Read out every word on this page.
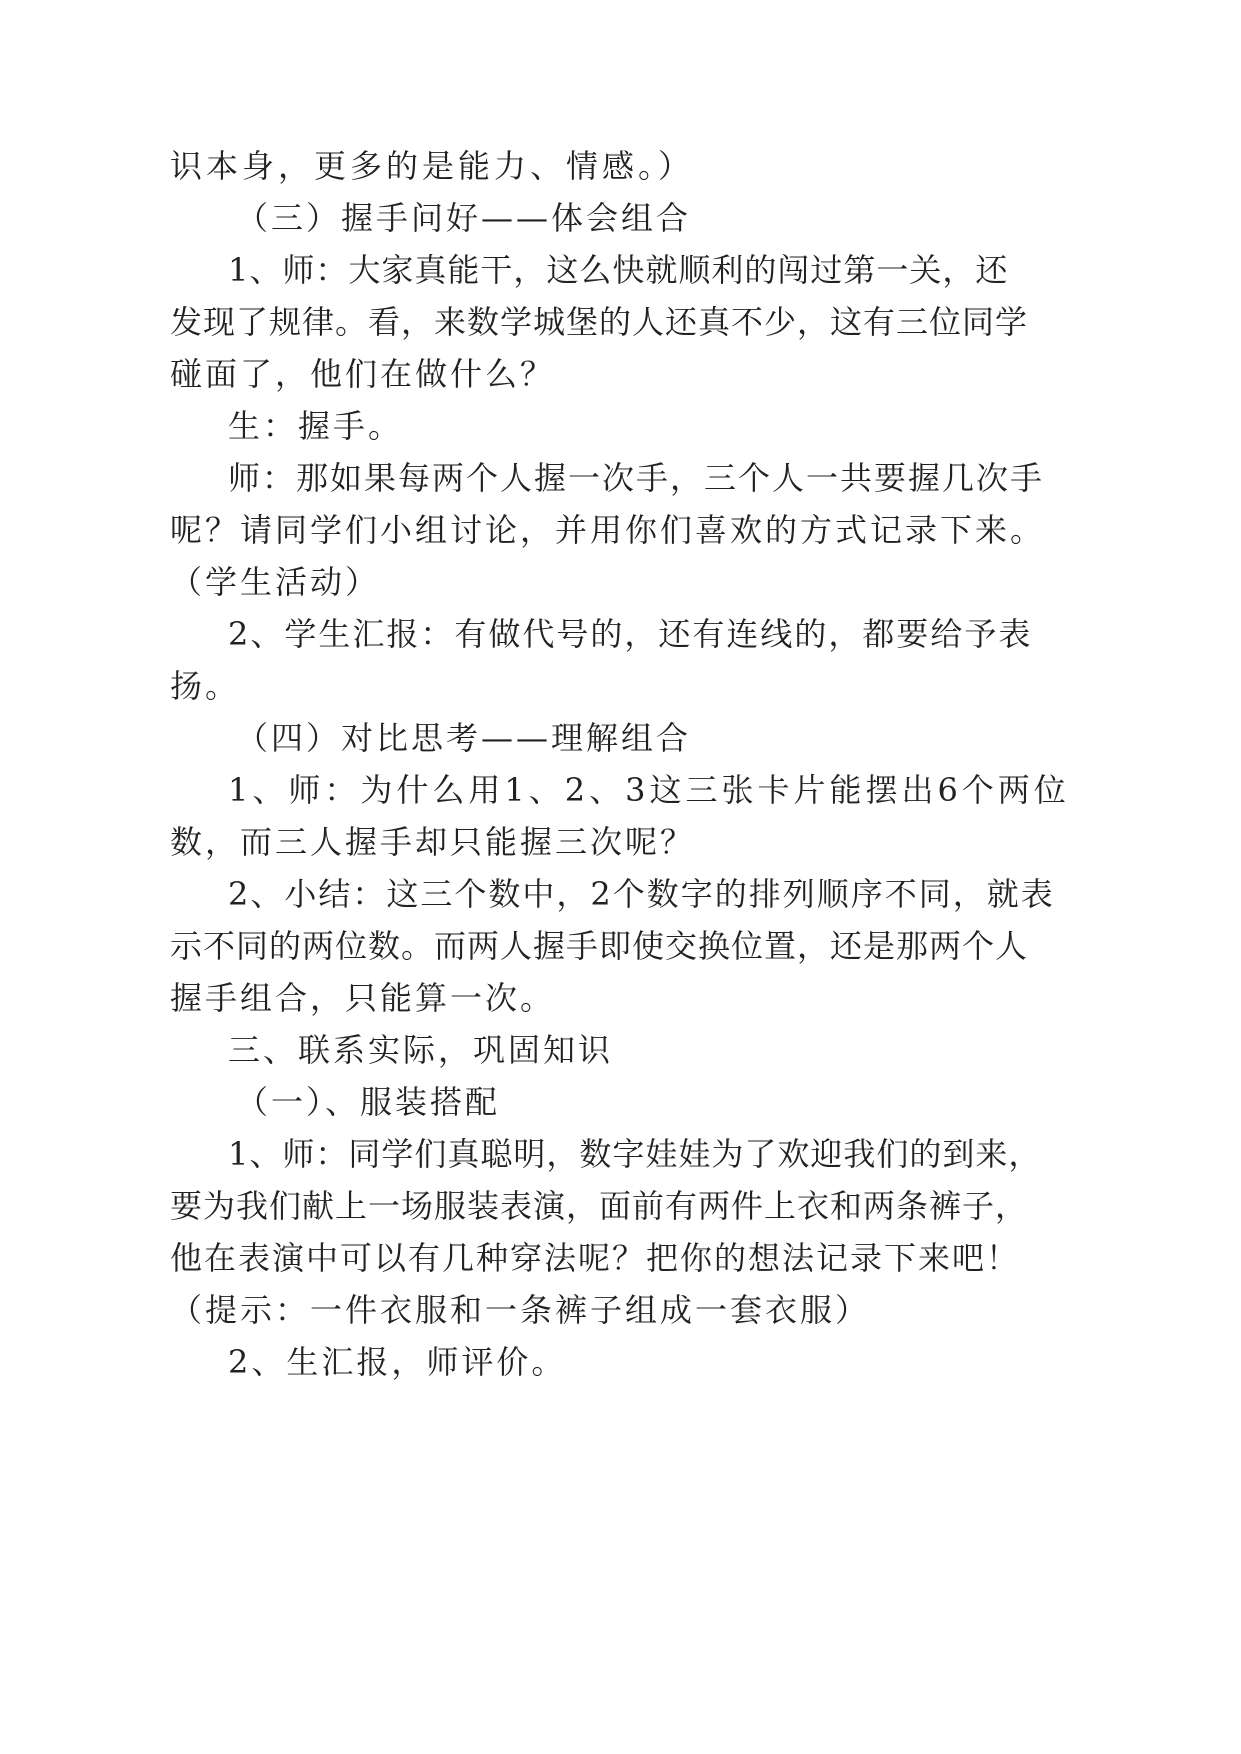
识本身，更多的是能力、情感。）

（三）握手问好——体会组合

1、师：大家真能干，这么快就顺利的闯过第一关，还

发现了规律。看，来数学城堡的人还真不少，这有三位同学

碰面了，他们在做什么？

生：握手。

师：那如果每两个人握一次手，三个人一共要握几次手

呢？请同学们小组讨论，并用你们喜欢的方式记录下来。

（学生活动）

2、学生汇报：有做代号的，还有连线的，都要给予表

扬。

（四）对比思考——理解组合

1、师：为什么用1、2、3这三张卡片能摆出6个两位

数，而三人握手却只能握三次呢？

2、小结：这三个数中，2个数字的排列顺序不同，就表

示不同的两位数。而两人握手即使交换位置，还是那两个人

握手组合，只能算一次。

三、联系实际，巩固知识

（一）、服装搭配

1、师：同学们真聪明，数字娃娃为了欢迎我们的到来，

要为我们献上一场服装表演，面前有两件上衣和两条裤子，

他在表演中可以有几种穿法呢？把你的想法记录下来吧！

（提示：一件衣服和一条裤子组成一套衣服）

2、生汇报，师评价。
